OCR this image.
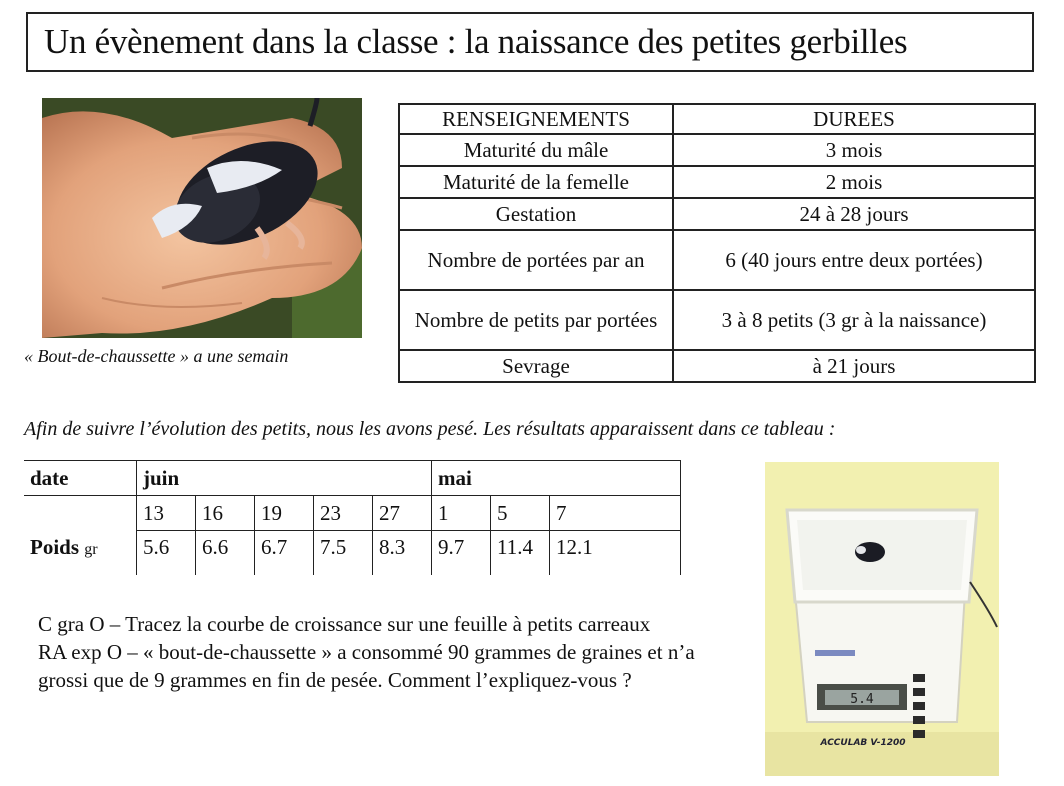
Un évènement dans la classe : la naissance des petites gerbilles
« Bout-de-chaussette » a une semain
RENSEIGNEMENTS	DUREES
Maturité du mâle	3 mois
Maturité de la femelle	2 mois
Gestation	24 à 28 jours
Nombre de portées par an	6 (40 jours entre deux portées)
Nombre de petits par portées	3 à 8 petits (3 gr à la naissance)
Sevrage	à 21 jours
Afin de suivre l’évolution des petits, nous les avons pesé. Les résultats apparaissent dans ce tableau :
date	juin					mai		
	13	16	19	23	27	1	5	7
Poids gr	5.6	6.6	6.7	7.5	8.3	9.7	11.4	12.1
5.4
ACCULAB V-1200

C gra O – Tracez la courbe de croissance sur une feuille à petits carreaux

RA exp O – « bout-de-chaussette » a consommé 90 grammes de graines et n’a grossi que de 9 grammes en fin de pesée. Comment l’expliquez-vous ?
